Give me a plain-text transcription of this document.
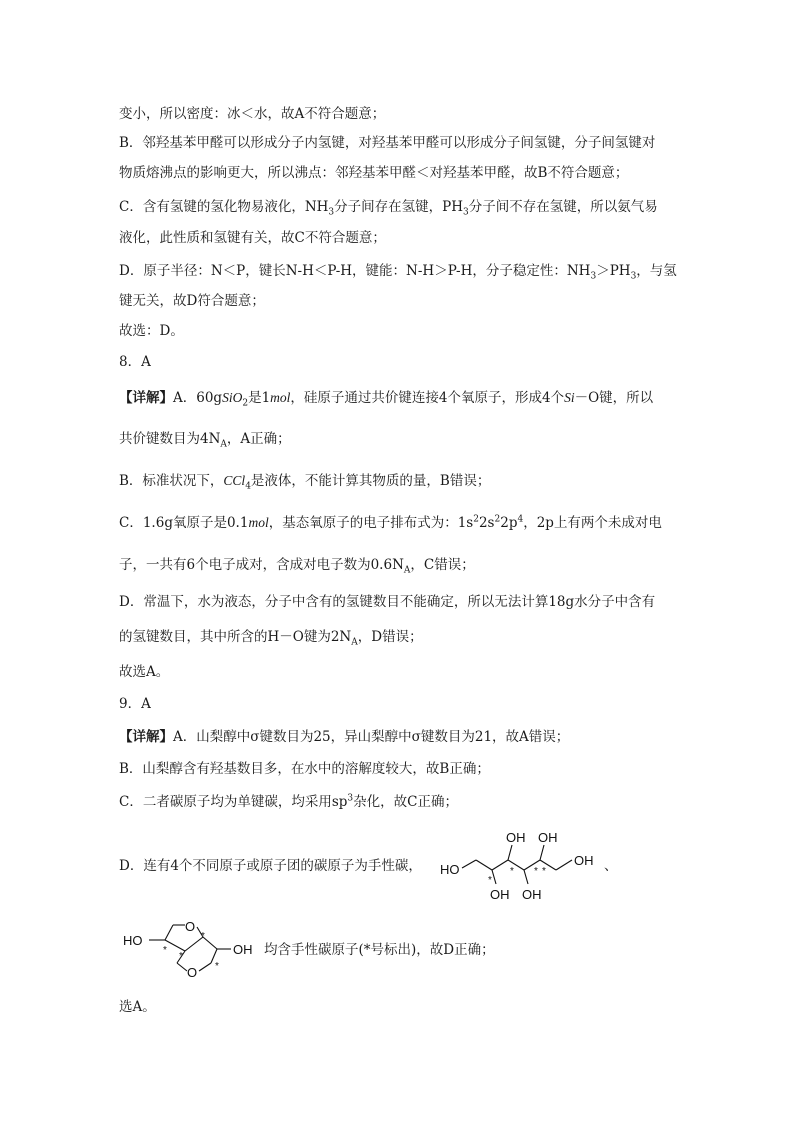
变小，所以密度：冰＜水，故A不符合题意；
B．邻羟基苯甲醛可以形成分子内氢键，对羟基苯甲醛可以形成分子间氢键，分子间氢键对
物质熔沸点的影响更大，所以沸点：邻羟基苯甲醛＜对羟基苯甲醛，故B不符合题意；
C．含有氢键的氢化物易液化，$NH_3$分子间存在氢键，$PH_3$分子间不存在氢键，所以氨气易
液化，此性质和氢键有关，故C不符合题意；
D．原子半径：N＜P，键长N-H＜P-H，键能：N-H＞P-H，分子稳定性：$NH_3>PH_3$，与氢
键无关，故D符合题意；
故选：D。
8．A
【详解】A．60gSiO$_2$是1mol，硅原子通过共价键连接4个氧原子，形成4个Si－O键，所以
共价键数目为$4N_A$，A正确；
B．标准状况下，CCl$_4$是液体，不能计算其物质的量，B错误；
C．1.6g氧原子是0.1mol，基态氧原子的电子排布式为：$1s^22s^22p^4$，2p上有两个未成对电
子，一共有6个电子成对，含成对电子数为$0.6N_A$，C错误；
D．常温下，水为液态，分子中含有的氢键数目不能确定，所以无法计算18g水分子中含有
的氢键数目，其中所含的H－O键为$2N_A$，D错误；
故选A。
9．A
【详解】A．山梨醇中σ键数目为25，异山梨醇中σ键数目为21，故A错误；
B．山梨醇含有羟基数目多，在水中的溶解度较大，故B正确；
C．二者碳原子均为单键碳，均采用$sp^3$杂化，故C正确；
D．连有4个不同原子或原子团的碳原子为手性碳， HO
OH OH
OH
OH OH
*
* * *	、
HO
O
O
OH
*
*
*
*
均含手性碳原子(*号标出)，故D正确；
选A。
